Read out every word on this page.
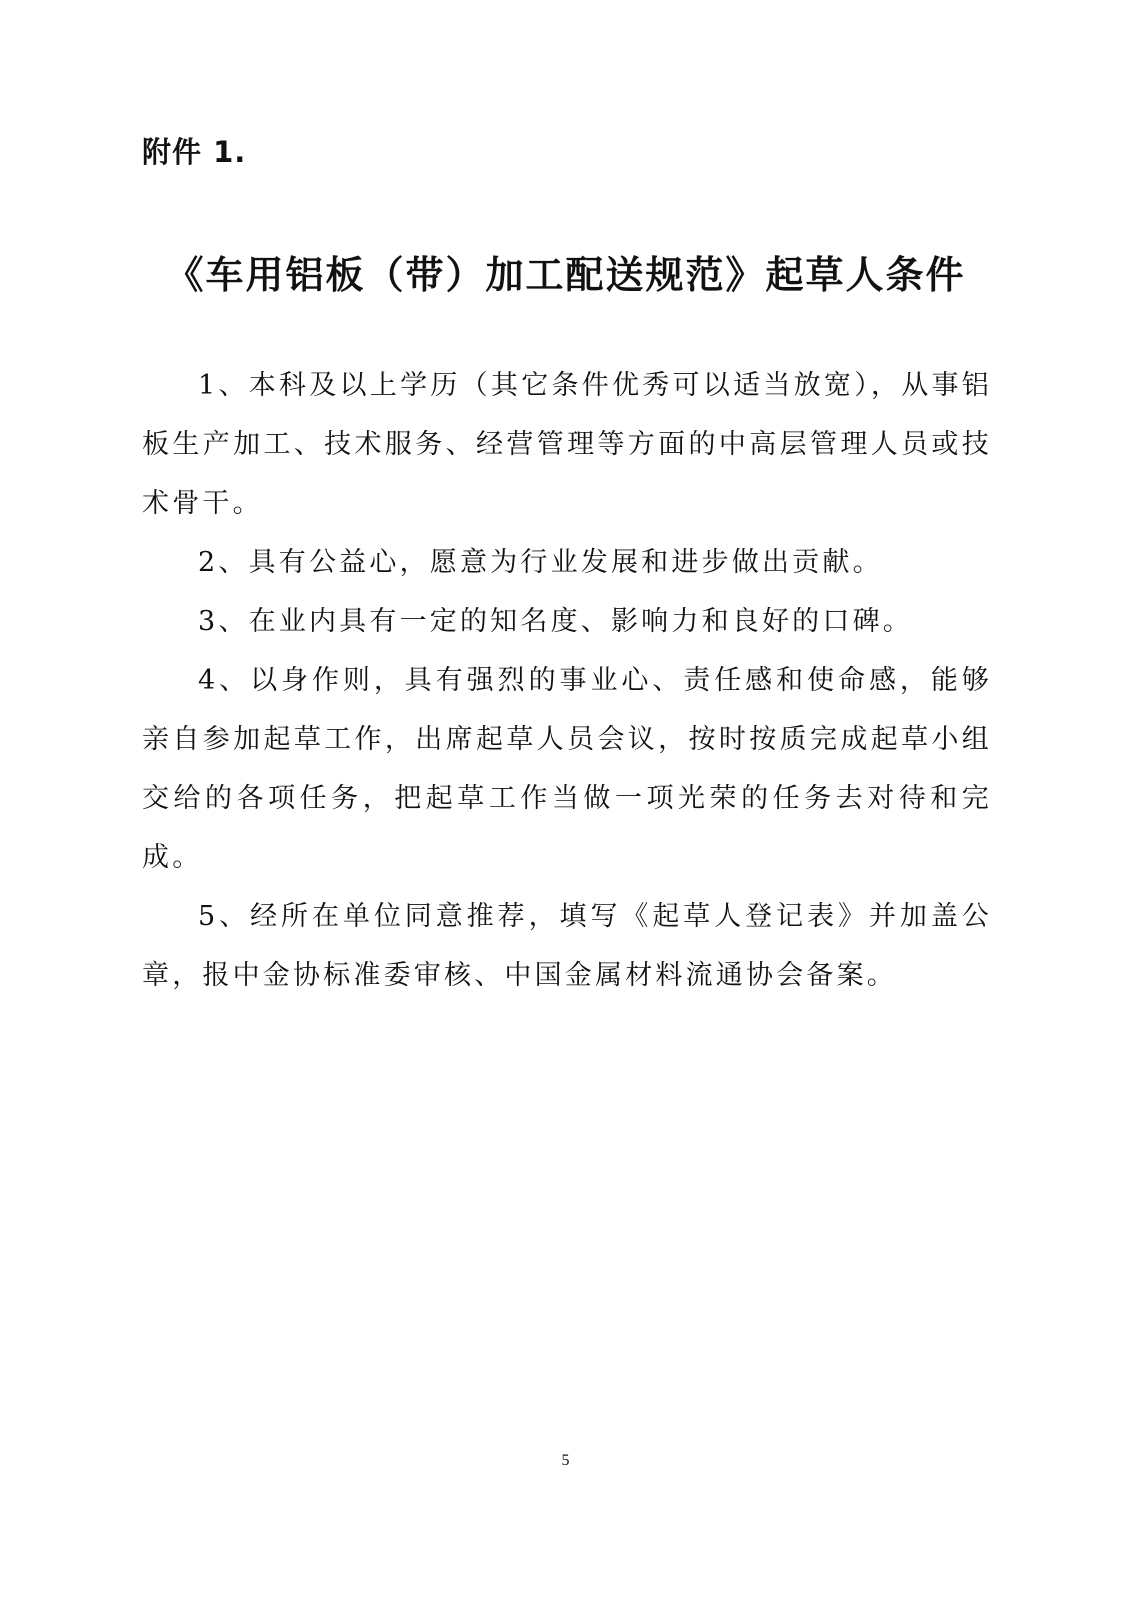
附件 1.
《车用铝板（带）加工配送规范》起草人条件

1、本科及以上学历（其它条件优秀可以适当放宽），从事铝板生产加工、技术服务、经营管理等方面的中高层管理人员或技术骨干。

2、具有公益心，愿意为行业发展和进步做出贡献。

3、在业内具有一定的知名度、影响力和良好的口碑。

4、以身作则，具有强烈的事业心、责任感和使命感，能够亲自参加起草工作，出席起草人员会议，按时按质完成起草小组交给的各项任务，把起草工作当做一项光荣的任务去对待和完成。

5、经所在单位同意推荐，填写《起草人登记表》并加盖公章，报中金协标准委审核、中国金属材料流通协会备案。

5
